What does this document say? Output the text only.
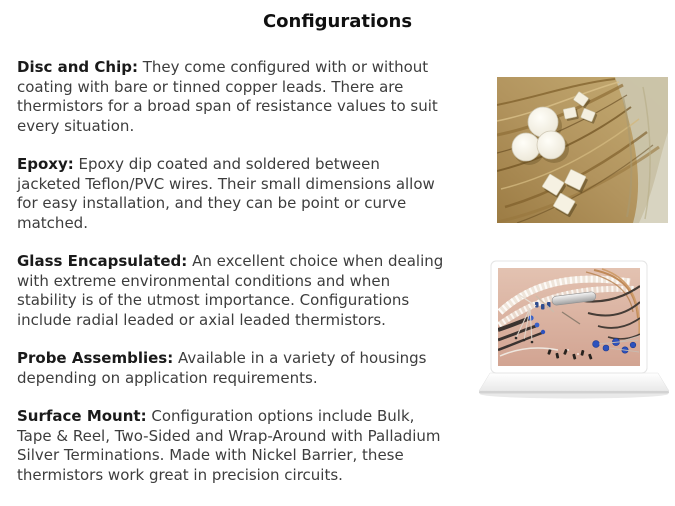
Configurations

Disc and Chip: They come configured with or without
coating with bare or tinned copper leads. There are
thermistors for a broad span of resistance values to suit
every situation.

Epoxy: Epoxy dip coated and soldered between
jacketed Teflon/PVC wires. Their small dimensions allow
for easy installation, and they can be point or curve
matched.

Glass Encapsulated: An excellent choice when dealing
with extreme environmental conditions and when
stability is of the utmost importance. Configurations
include radial leaded or axial leaded thermistors.

Probe Assemblies: Available in a variety of housings
depending on application requirements.

Surface Mount: Configuration options include Bulk,
Tape & Reel, Two-Sided and Wrap-Around with Palladium
Silver Terminations. Made with Nickel Barrier, these
thermistors work great in precision circuits.
